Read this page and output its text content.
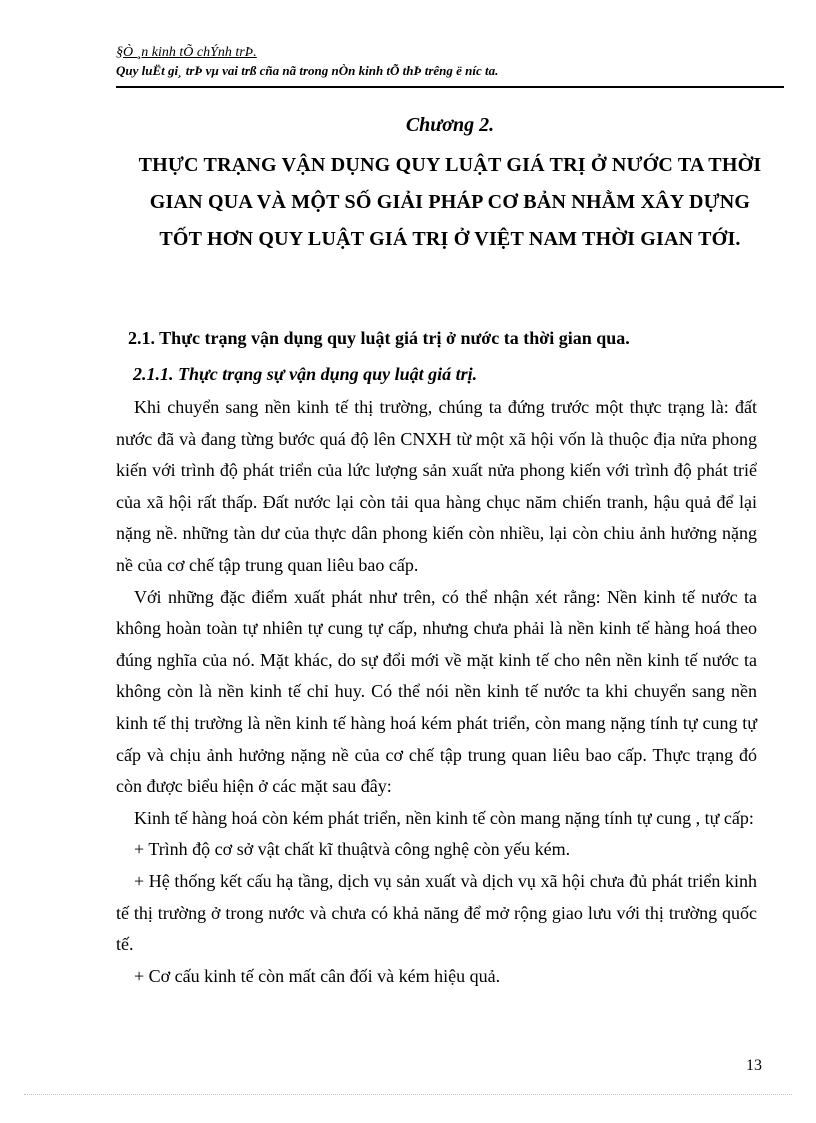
§Ò ¸n kinh tÕ chÝnh trÞ.
Quy luËt gi¸ trÞ vµ vai trß cña nã trong nÒn kinh tÕ thÞ trêng ë níc ta.
Chương 2.
THỰC TRẠNG VẬN DỤNG QUY LUẬT GIÁ TRỊ Ở NƯỚC TA THỜI GIAN QUA VÀ MỘT SỐ GIẢI PHÁP CƠ BẢN NHẰM XÂY DỰNG TỐT HƠN QUY LUẬT GIÁ TRỊ Ở VIỆT NAM THỜI GIAN TỚI.
2.1. Thực trạng vận dụng quy luật giá trị ở nước ta thời gian qua.
2.1.1. Thực trạng sự vận dụng quy luật giá trị.

Khi chuyển sang nền kinh tế thị trường, chúng ta đứng trước một thực trạng là: đất nước đã và đang từng bước quá độ lên CNXH từ một xã hội vốn là thuộc địa nửa phong kiến với trình độ phát triển của lức lượng sản xuất nửa phong kiến với trình độ phát triể của xã hội rất thấp. Đất nước lại còn tải qua hàng chục năm chiến tranh, hậu quả để lại nặng nề. những tàn dư của thực dân phong kiến còn nhiều, lại còn chiu ảnh hưởng nặng nề của cơ chế tập trung quan liêu bao cấp.

Với những đặc điểm xuất phát như trên, có thể nhận xét rằng: Nền kinh tế nước ta không hoàn toàn tự nhiên tự cung tự cấp, nhưng chưa phải là nền kinh tế hàng hoá theo đúng nghĩa của nó. Mặt khác, do sự đổi mới về mặt kinh tế cho nên nền kinh tế nước ta không còn là nền kinh tế chỉ huy. Có thể nói nền kinh tế nước ta khi chuyển sang nền kinh tế thị trường là nền kinh tế hàng hoá kém phát triển, còn mang nặng tính tự cung tự cấp và chịu ảnh hưởng nặng nề của cơ chế tập trung quan liêu bao cấp. Thực trạng đó còn được biểu hiện ở các mặt sau đây:

Kinh tế hàng hoá còn kém phát triển, nền kinh tế còn mang nặng tính tự cung , tự cấp:

+ Trình độ cơ sở vật chất kĩ thuậtvà công nghệ còn yếu kém.

+ Hệ thống kết cấu hạ tầng, dịch vụ sản xuất và dịch vụ xã hội chưa đủ phát triển kinh tế thị trường ở trong nước và chưa có khả năng để mở rộng giao lưu với thị trường quốc tế.

+ Cơ cấu kinh tế còn mất cân đối và kém hiệu quả.

13
